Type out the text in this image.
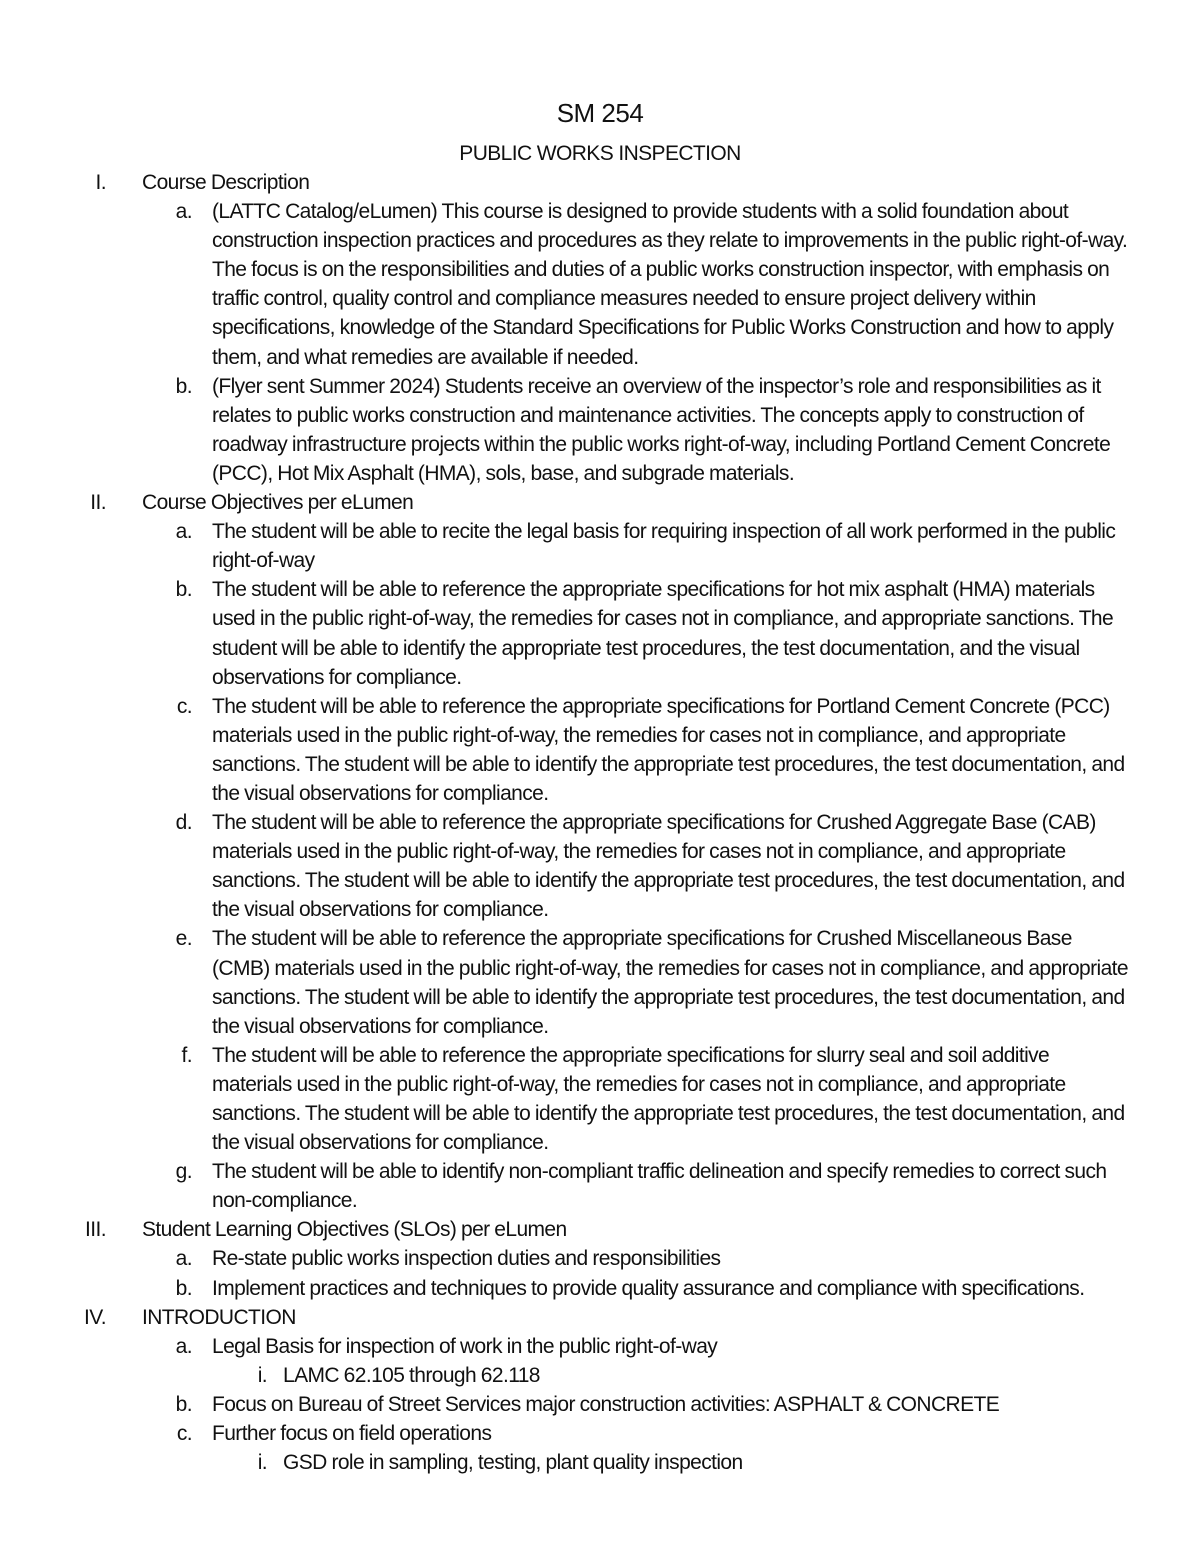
SM 254
PUBLIC WORKS INSPECTION
I.	Course Description
a. (LATTC Catalog/eLumen) This course is designed to provide students with a solid foundation about construction inspection practices and procedures as they relate to improvements in the public right-of-way. The focus is on the responsibilities and duties of a public works construction inspector, with emphasis on traffic control, quality control and compliance measures needed to ensure project delivery within specifications, knowledge of the Standard Specifications for Public Works Construction and how to apply them, and what remedies are available if needed.
b. (Flyer sent Summer 2024) Students receive an overview of the inspector’s role and responsibilities as it relates to public works construction and maintenance activities. The concepts apply to construction of roadway infrastructure projects within the public works right-of-way, including Portland Cement Concrete (PCC), Hot Mix Asphalt (HMA), sols, base, and subgrade materials.
II.	Course Objectives per eLumen
a. The student will be able to recite the legal basis for requiring inspection of all work performed in the public right-of-way
b. The student will be able to reference the appropriate specifications for hot mix asphalt (HMA) materials used in the public right-of-way, the remedies for cases not in compliance, and appropriate sanctions. The student will be able to identify the appropriate test procedures, the test documentation, and the visual observations for compliance.
c. The student will be able to reference the appropriate specifications for Portland Cement Concrete (PCC) materials used in the public right-of-way, the remedies for cases not in compliance, and appropriate sanctions. The student will be able to identify the appropriate test procedures, the test documentation, and the visual observations for compliance.
d. The student will be able to reference the appropriate specifications for Crushed Aggregate Base (CAB) materials used in the public right-of-way, the remedies for cases not in compliance, and appropriate sanctions. The student will be able to identify the appropriate test procedures, the test documentation, and the visual observations for compliance.
e. The student will be able to reference the appropriate specifications for Crushed Miscellaneous Base (CMB) materials used in the public right-of-way, the remedies for cases not in compliance, and appropriate sanctions. The student will be able to identify the appropriate test procedures, the test documentation, and the visual observations for compliance.
f. The student will be able to reference the appropriate specifications for slurry seal and soil additive materials used in the public right-of-way, the remedies for cases not in compliance, and appropriate sanctions. The student will be able to identify the appropriate test procedures, the test documentation, and the visual observations for compliance.
g. The student will be able to identify non-compliant traffic delineation and specify remedies to correct such non-compliance.
III.	Student Learning Objectives (SLOs) per eLumen
a. Re-state public works inspection duties and responsibilities
b. Implement practices and techniques to provide quality assurance and compliance with specifications.
IV.	INTRODUCTION
a. Legal Basis for inspection of work in the public right-of-way
i. LAMC 62.105 through 62.118
b. Focus on Bureau of Street Services major construction activities: ASPHALT & CONCRETE
c. Further focus on field operations
i. GSD role in sampling, testing, plant quality inspection
